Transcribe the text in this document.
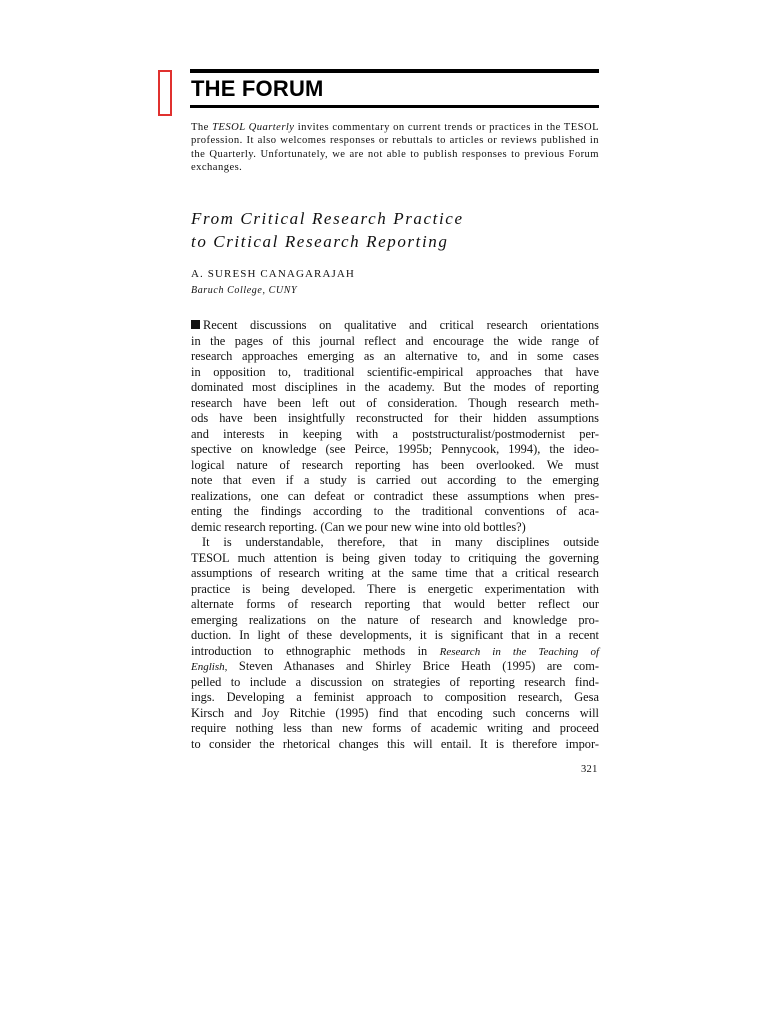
THE FORUM
The TESOL Quarterly invites commentary on current trends or practices in the TESOL profession. It also welcomes responses or rebuttals to articles or reviews published in the Quarterly. Unfortunately, we are not able to publish responses to previous Forum exchanges.
From Critical Research Practice
to Critical Research Reporting
A. SURESH CANAGARAJAH
Baruch College, CUNY
Recent discussions on qualitative and critical research orientations
in the pages of this journal reflect and encourage the wide range of
research approaches emerging as an alternative to, and in some cases
in opposition to, traditional scientific-empirical approaches that have
dominated most disciplines in the academy. But the modes of reporting
research have been left out of consideration. Though research meth-
ods have been insightfully reconstructed for their hidden assumptions
and interests in keeping with a poststructuralist/postmodernist per-
spective on knowledge (see Peirce, 1995b; Pennycook, 1994), the ideo-
logical nature of research reporting has been overlooked. We must
note that even if a study is carried out according to the emerging
realizations, one can defeat or contradict these assumptions when pres-
enting the findings according to the traditional conventions of aca-
demic research reporting. (Can we pour new wine into old bottles?)
It is understandable, therefore, that in many disciplines outside
TESOL much attention is being given today to critiquing the governing
assumptions of research writing at the same time that a critical research
practice is being developed. There is energetic experimentation with
alternate forms of research reporting that would better reflect our
emerging realizations on the nature of research and knowledge pro-
duction. In light of these developments, it is significant that in a recent
introduction to ethnographic methods in Research in the Teaching of
English, Steven Athanases and Shirley Brice Heath (1995) are com-
pelled to include a discussion on strategies of reporting research find-
ings. Developing a feminist approach to composition research, Gesa
Kirsch and Joy Ritchie (1995) find that encoding such concerns will
require nothing less than new forms of academic writing and proceed
to consider the rhetorical changes this will entail. It is therefore impor-
321
